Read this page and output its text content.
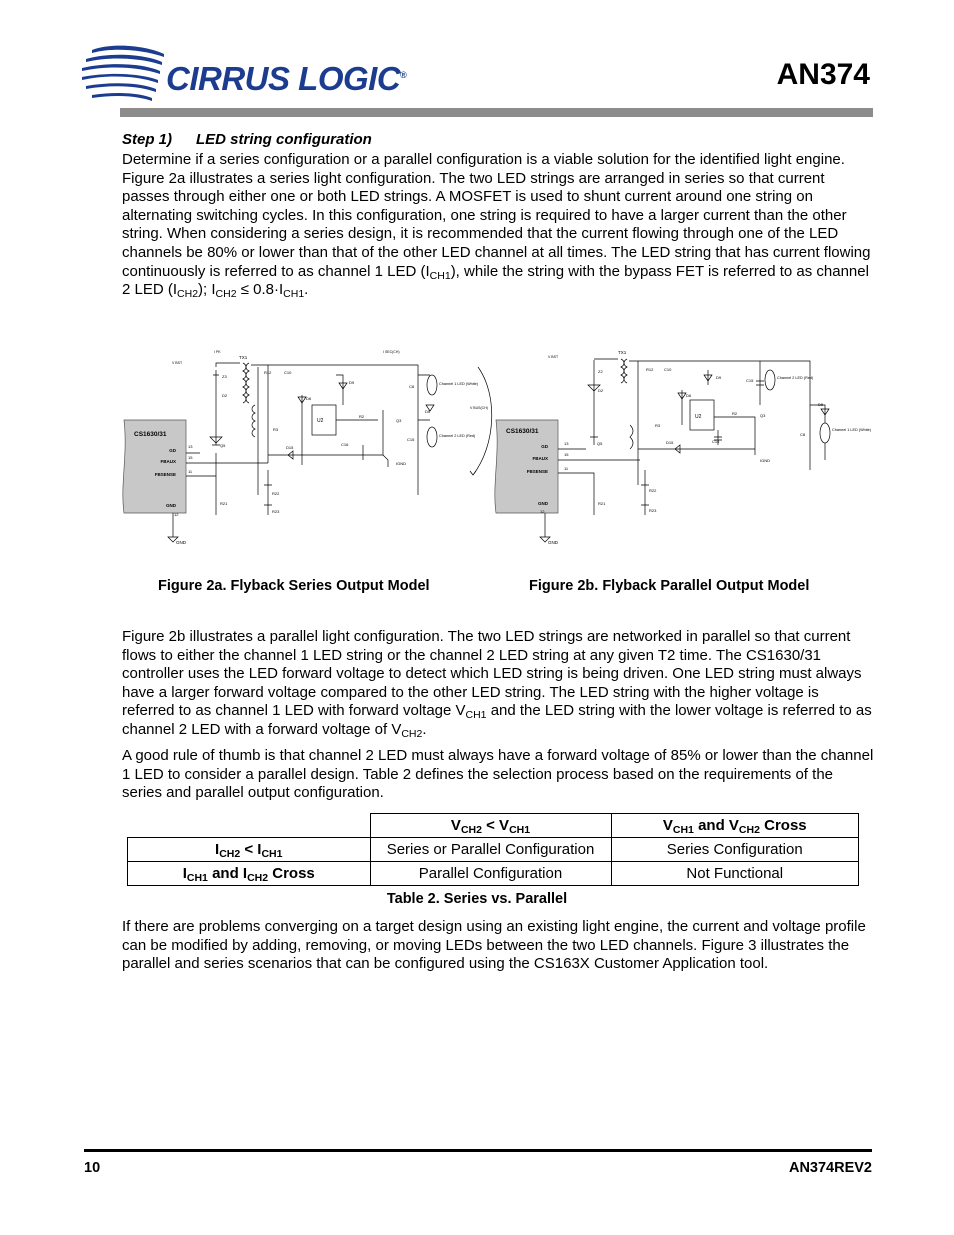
CIRRUS LOGIC®	AN374
Step 1) LED string configuration
Determine if a series configuration or a parallel configuration is a viable solution for the identified light engine. Figure 2a illustrates a series light configuration. The two LED strings are arranged in series so that current passes through either one or both LED strings. A MOSFET is used to shunt current around one string on alternating switching cycles. In this configuration, one string is required to have a larger current than the other string. When considering a series design, it is recommended that the current flowing through one of the LED channels be 80% or lower than that of the other LED channel at all times. The LED string that has current flowing continuously is referred to as channel 1 LED $(I_{CH1})$, while the string with the bypass FET is referred to as channel 2 LED $(I_{CH2})$; $I_{CH2} \le 0.8\cdot I_{CH1}$.
CS1630/31
GD
FBAUX
FBSENSE
GND
13
15
11
12
GND
Z3
D2
Q5
R21
TX1
V BST
I PK	I SEC(CH)
R12	C10
D6
U2
R3
D9
C16
R2
Q3
D15
C8
D5
C15
Channel 1 LED (White)
Channel 2 LED (Red)
V BUS(CH)
IGND
R22
R23
CS1630/31
GD
FBAUX
FBSENSE
GND
13
15
11
12
GND
Z2
D2
Q5
R21
V BST
TX1
R12	C10
D9
C15	Channel 2 LED (Red)
D6
U2
R2	Q3
R3
C16
D15
D5
C8
Channel 1 LED (White)
IGND
R22
R23
Figure 2a. Flyback Series Output Model	Figure 2b. Flyback Parallel Output Model
Figure 2b illustrates a parallel light configuration. The two LED strings are networked in parallel so that current flows to either the channel 1 LED string or the channel 2 LED string at any given T2 time. The CS1630/31 controller uses the LED forward voltage to detect which LED string is being driven. One LED string must always have a larger forward voltage compared to the other LED string. The LED string with the higher voltage is referred to as channel 1 LED with forward voltage $V_{CH1}$ and the LED string with the lower voltage is referred to as channel 2 LED with a forward voltage of $V_{CH2}$.
A good rule of thumb is that channel 2 LED must always have a forward voltage of 85% or lower than the channel 1 LED to consider a parallel design. Table 2 defines the selection process based on the requirements of the series and parallel output configuration.
	$V_{CH2} < V_{CH1}$	$V_{CH1}$ and $V_{CH2}$ Cross
$I_{CH2} < I_{CH1}$	Series or Parallel Configuration	Series Configuration
$I_{CH1}$ and $I_{CH2}$ Cross	Parallel Configuration	Not Functional
Table 2. Series vs. Parallel
If there are problems converging on a target design using an existing light engine, the current and voltage profile can be modified by adding, removing, or moving LEDs between the two LED channels. Figure 3 illustrates the parallel and series scenarios that can be configured using the CS163X Customer Application tool.
10	AN374REV2
